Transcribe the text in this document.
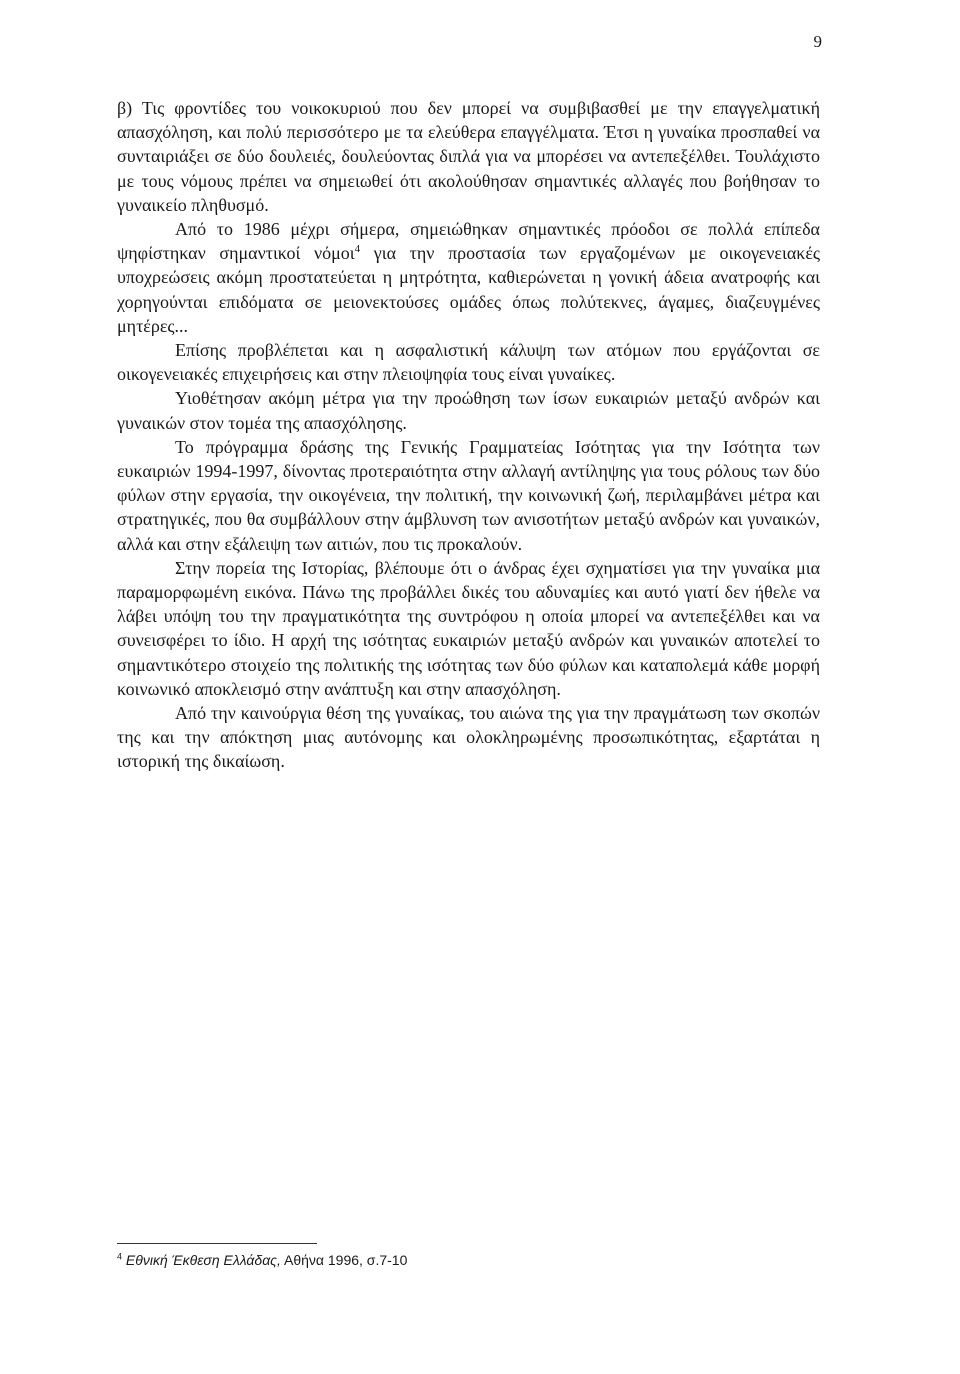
9

β) Τις φροντίδες του νοικοκυριού που δεν μπορεί να συμβιβασθεί με την επαγγελματική απασχόληση, και πολύ περισσότερο με τα ελεύθερα επαγγέλματα. Έτσι η γυναίκα προσπαθεί να συνταιριάξει σε δύο δουλειές, δουλεύοντας διπλά για να μπορέσει να αντεπεξέλθει. Τουλάχιστο με τους νόμους πρέπει να σημειωθεί ότι ακολούθησαν σημαντικές αλλαγές που βοήθησαν το γυναικείο πληθυσμό.

Από το 1986 μέχρι σήμερα, σημειώθηκαν σημαντικές πρόοδοι σε πολλά επίπεδα ψηφίστηκαν σημαντικοί νόμοι$^4$ για την προστασία των εργαζομένων με οικογενειακές υποχρεώσεις ακόμη προστατεύεται η μητρότητα, καθιερώνεται η γονική άδεια ανατροφής και χορηγούνται επιδόματα σε μειονεκτούσες ομάδες όπως πολύτεκνες, άγαμες, διαζευγμένες μητέρες...

Επίσης προβλέπεται και η ασφαλιστική κάλυψη των ατόμων που εργάζονται σε οικογενειακές επιχειρήσεις και στην πλειοψηφία τους είναι γυναίκες.

Υιοθέτησαν ακόμη μέτρα για την προώθηση των ίσων ευκαιριών μεταξύ ανδρών και γυναικών στον τομέα της απασχόλησης.

Το πρόγραμμα δράσης της Γενικής Γραμματείας Ισότητας για την Ισότητα των ευκαιριών 1994-1997, δίνοντας προτεραιότητα στην αλλαγή αντίληψης για τους ρόλους των δύο φύλων στην εργασία, την οικογένεια, την πολιτική, την κοινωνική ζωή, περιλαμβάνει μέτρα και στρατηγικές, που θα συμβάλλουν στην άμβλυνση των ανισοτήτων μεταξύ ανδρών και γυναικών, αλλά και στην εξάλειψη των αιτιών, που τις προκαλούν.

Στην πορεία της Ιστορίας, βλέπουμε ότι ο άνδρας έχει σχηματίσει για την γυναίκα μια παραμορφωμένη εικόνα. Πάνω της προβάλλει δικές του αδυναμίες και αυτό γιατί δεν ήθελε να λάβει υπόψη του την πραγματικότητα της συντρόφου η οποία μπορεί να αντεπεξέλθει και να συνεισφέρει το ίδιο. Η αρχή της ισότητας ευκαιριών μεταξύ ανδρών και γυναικών αποτελεί το σημαντικότερο στοιχείο της πολιτικής της ισότητας των δύο φύλων και καταπολεμά κάθε μορφή κοινωνικό αποκλεισμό στην ανάπτυξη και στην απασχόληση.

Από την καινούργια θέση της γυναίκας, του αιώνα της για την πραγμάτωση των σκοπών της και την απόκτηση μιας αυτόνομης και ολοκληρωμένης προσωπικότητας, εξαρτάται η ιστορική της δικαίωση.

$^4$ Εθνική Έκθεση Ελλάδας, Αθήνα 1996, σ.7-10
